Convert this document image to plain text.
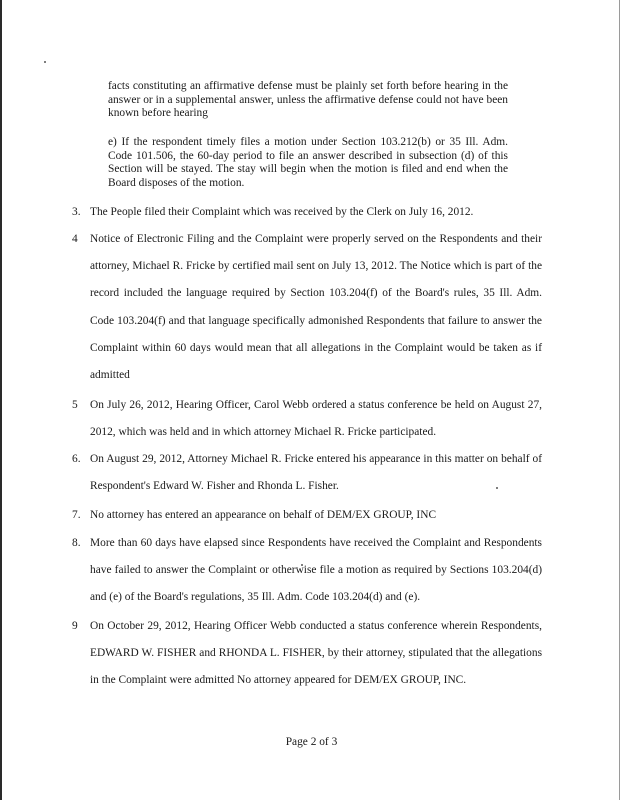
facts constituting an affirmative defense must be plainly set forth before hearing in the answer or in a supplemental answer, unless the affirmative defense could not have been known before hearing

e) If the respondent timely files a motion under Section 103.212(b) or 35 Ill. Adm. Code 101.506, the 60-day period to file an answer described in subsection (d) of this Section will be stayed. The stay will begin when the motion is filed and end when the Board disposes of the motion.

3. The People filed their Complaint which was received by the Clerk on July 16, 2012.
4 Notice of Electronic Filing and the Complaint were properly served on the Respondents and their attorney, Michael R. Fricke by certified mail sent on July 13, 2012. The Notice which is part of the record included the language required by Section 103.204(f) of the Board's rules, 35 Ill. Adm. Code 103.204(f) and that language specifically admonished Respondents that failure to answer the Complaint within 60 days would mean that all allegations in the Complaint would be taken as if admitted
5 On July 26, 2012, Hearing Officer, Carol Webb ordered a status conference be held on August 27, 2012, which was held and in which attorney Michael R. Fricke participated.
6. On August 29, 2012, Attorney Michael R. Fricke entered his appearance in this matter on behalf of Respondent's Edward W. Fisher and Rhonda L. Fisher.
7. No attorney has entered an appearance on behalf of DEM/EX GROUP, INC
8. More than 60 days have elapsed since Respondents have received the Complaint and Respondents have failed to answer the Complaint or otherwise file a motion as required by Sections 103.204(d) and (e) of the Board's regulations, 35 Ill. Adm. Code 103.204(d) and (e).
9 On October 29, 2012, Hearing Officer Webb conducted a status conference wherein Respondents, EDWARD W. FISHER and RHONDA L. FISHER, by their attorney, stipulated that the allegations in the Complaint were admitted No attorney appeared for DEM/EX GROUP, INC.
Page 2 of 3
